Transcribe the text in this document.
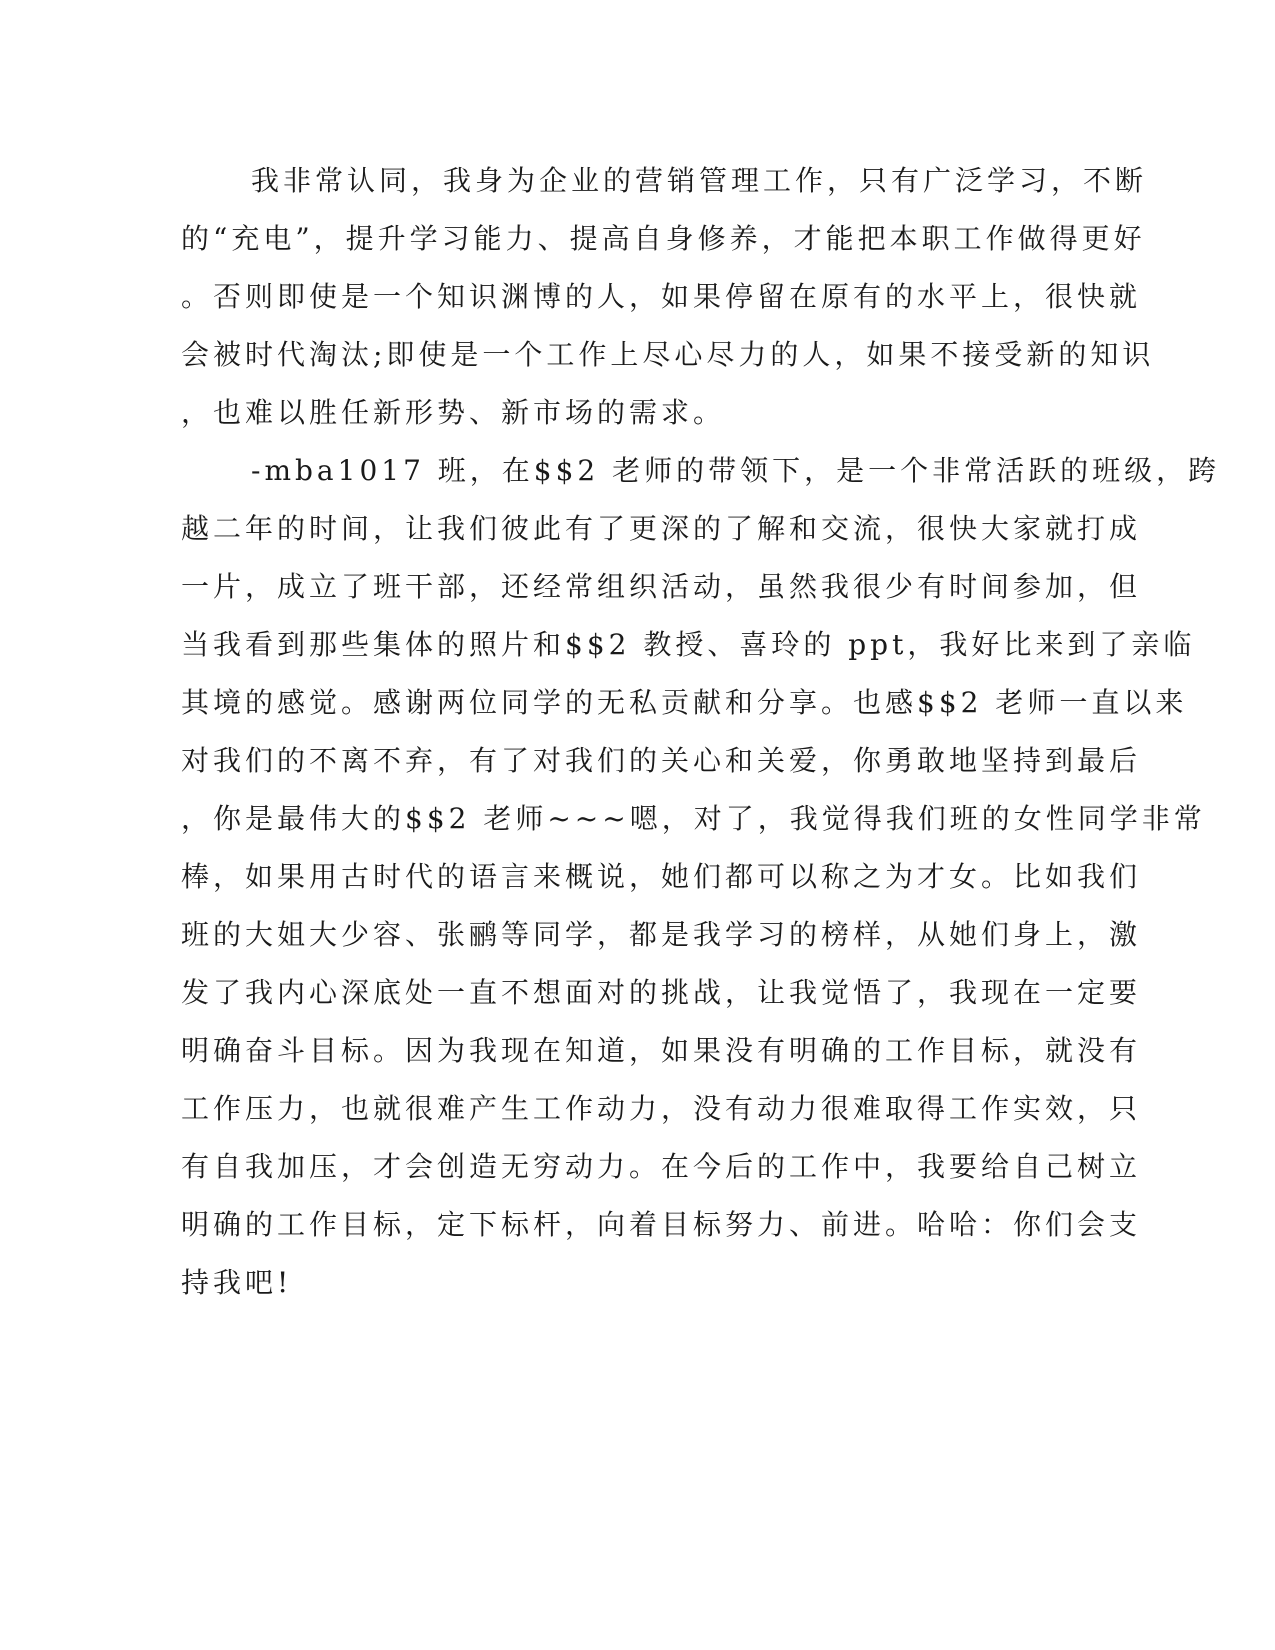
我非常认同，我身为企业的营销管理工作，只有广泛学习，不断
的“充电”，提升学习能力、提高自身修养，才能把本职工作做得更好
。否则即使是一个知识渊博的人，如果停留在原有的水平上，很快就
会被时代淘汰;即使是一个工作上尽心尽力的人，如果不接受新的知识
，也难以胜任新形势、新市场的需求。
-mba1017 班，在$$2 老师的带领下，是一个非常活跃的班级，跨
越二年的时间，让我们彼此有了更深的了解和交流，很快大家就打成
一片，成立了班干部，还经常组织活动，虽然我很少有时间参加，但
当我看到那些集体的照片和$$2 教授、喜玲的 ppt，我好比来到了亲临
其境的感觉。感谢两位同学的无私贡献和分享。也感$$2 老师一直以来
对我们的不离不弃，有了对我们的关心和关爱，你勇敢地坚持到最后
，你是最伟大的$$2 老师~~~嗯，对了，我觉得我们班的女性同学非常
棒，如果用古时代的语言来概说，她们都可以称之为才女。比如我们
班的大姐大少容、张鹂等同学，都是我学习的榜样，从她们身上，激
发了我内心深底处一直不想面对的挑战，让我觉悟了，我现在一定要
明确奋斗目标。因为我现在知道，如果没有明确的工作目标，就没有
工作压力，也就很难产生工作动力，没有动力很难取得工作实效，只
有自我加压，才会创造无穷动力。在今后的工作中，我要给自己树立
明确的工作目标，定下标杆，向着目标努力、前进。哈哈：你们会支
持我吧!
